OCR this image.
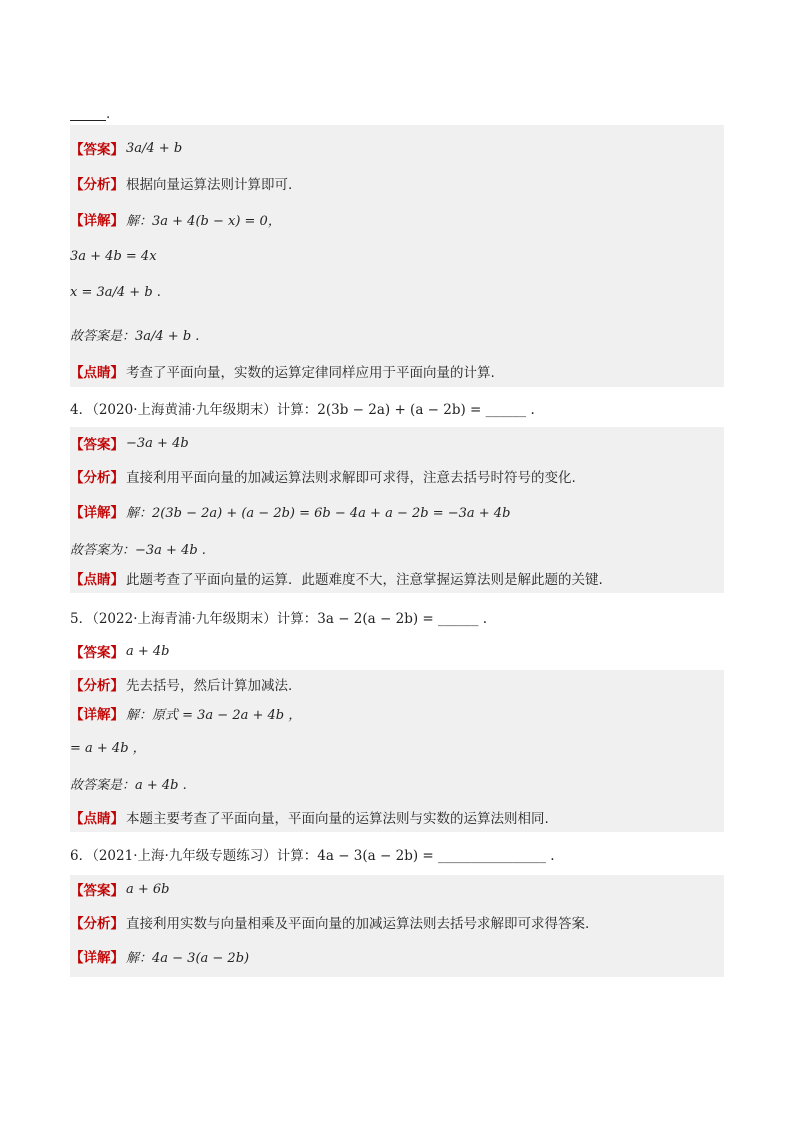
.
【答案】 3a/4 + b
【分析】 根据向量运算法则计算即可.
【详解】 解：3a + 4(b − x) = 0，
3a + 4b = 4x
x = 3a/4 + b .
故答案是：3a/4 + b .
【点睛】 考查了平面向量，实数的运算定律同样应用于平面向量的计算.
4．（2020·上海黄浦·九年级期末）计算：2(3b − 2a) + (a − 2b) = ______ .
【答案】 −3a + 4b
【分析】 直接利用平面向量的加减运算法则求解即可求得，注意去括号时符号的变化.
【详解】 解：2(3b − 2a) + (a − 2b) = 6b − 4a + a − 2b = −3a + 4b
故答案为：−3a + 4b .
【点睛】 此题考查了平面向量的运算．此题难度不大，注意掌握运算法则是解此题的关键.
5．（2022·上海青浦·九年级期末）计算：3a − 2(a − 2b) = ______ .
【答案】 a + 4b
【分析】 先去括号，然后计算加减法.
【详解】 解：原式 = 3a − 2a + 4b ，
= a + 4b ，
故答案是：a + 4b .
【点睛】 本题主要考查了平面向量，平面向量的运算法则与实数的运算法则相同.
6．（2021·上海·九年级专题练习）计算：4a − 3(a − 2b) = ________________ .
【答案】 a + 6b
【分析】 直接利用实数与向量相乘及平面向量的加减运算法则去括号求解即可求得答案.
【详解】 解：4a − 3(a − 2b)
